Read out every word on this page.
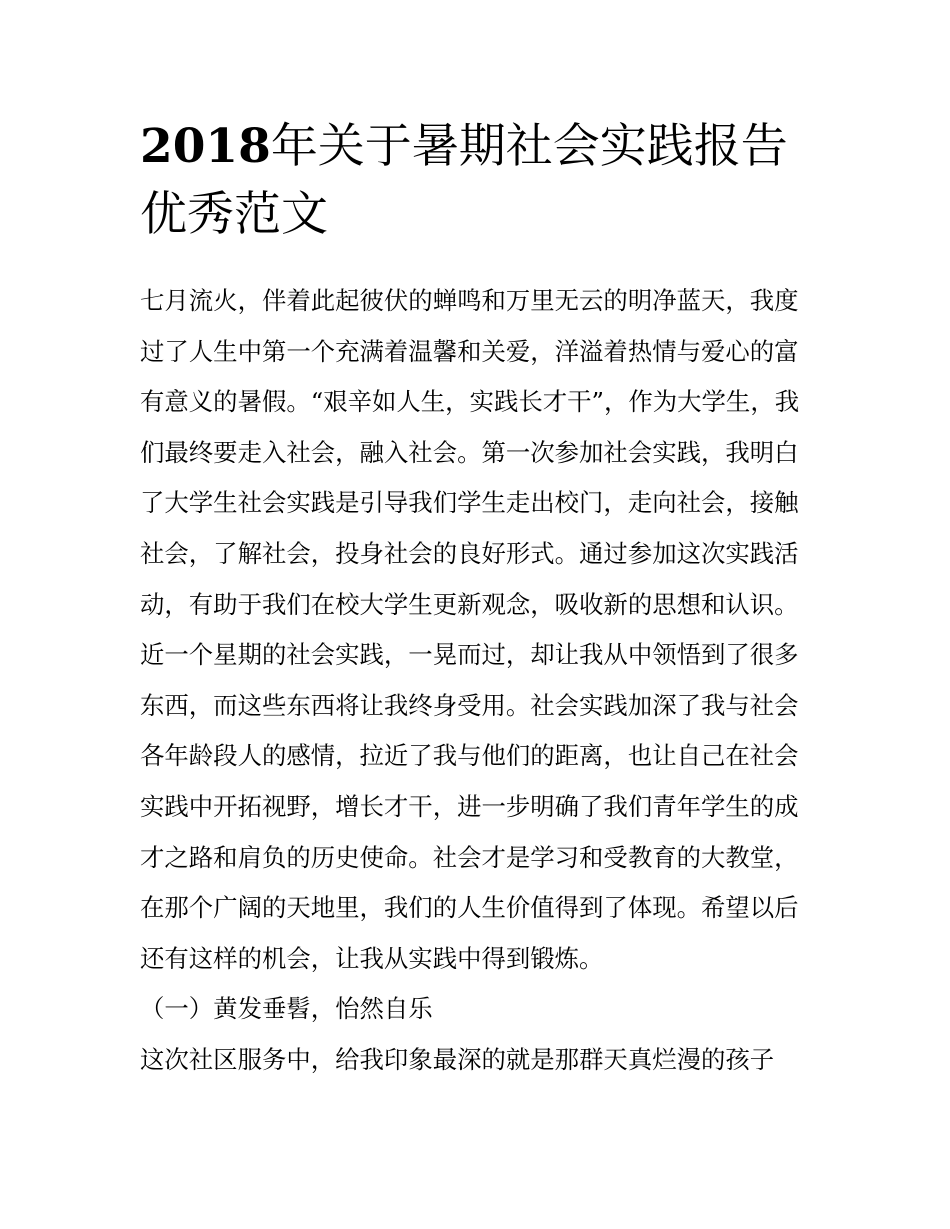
2018年关于暑期社会实践报告
优秀范文

七月流火，伴着此起彼伏的蝉鸣和万里无云的明净蓝天，我度
过了人生中第一个充满着温馨和关爱，洋溢着热情与爱心的富
有意义的暑假。“艰辛如人生，实践长才干”，作为大学生，我
们最终要走入社会，融入社会。第一次参加社会实践，我明白
了大学生社会实践是引导我们学生走出校门，走向社会，接触
社会，了解社会，投身社会的良好形式。通过参加这次实践活
动，有助于我们在校大学生更新观念，吸收新的思想和认识。
近一个星期的社会实践，一晃而过，却让我从中领悟到了很多
东西，而这些东西将让我终身受用。社会实践加深了我与社会
各年龄段人的感情，拉近了我与他们的距离，也让自己在社会
实践中开拓视野，增长才干，进一步明确了我们青年学生的成
才之路和肩负的历史使命。社会才是学习和受教育的大教堂，
在那个广阔的天地里，我们的人生价值得到了体现。希望以后
还有这样的机会，让我从实践中得到锻炼。

（一）黄发垂髫，怡然自乐

这次社区服务中，给我印象最深的就是那群天真烂漫的孩子
